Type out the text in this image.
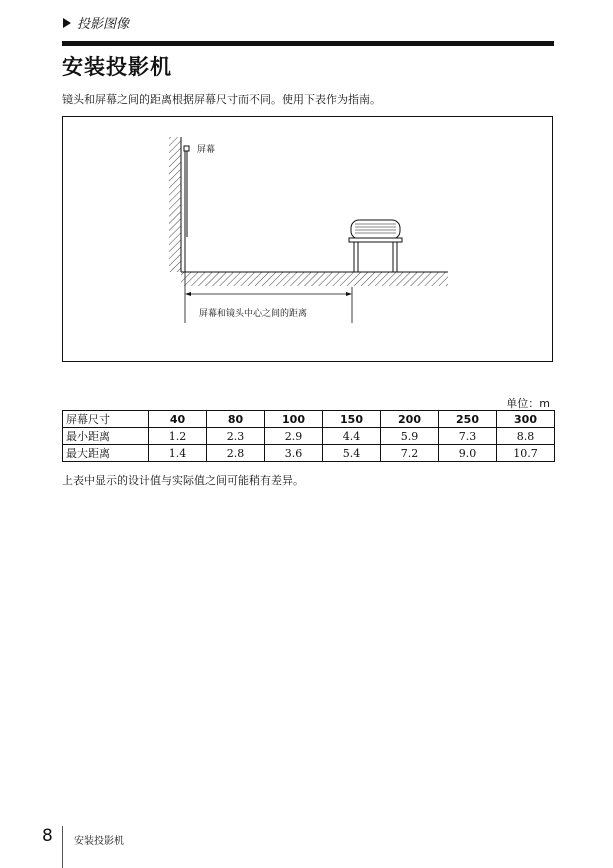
投影图像
安装投影机
镜头和屏幕之间的距离根据屏幕尺寸而不同。使用下表作为指南。
屏幕
屏幕和镜头中心之间的距离
单位：m
屏幕尺寸	40	80	100	150	200	250	300
最小距离	1.2	2.3	2.9	4.4	5.9	7.3	8.8
最大距离	1.4	2.8	3.6	5.4	7.2	9.0	10.7
上表中显示的设计值与实际值之间可能稍有差异。
8 安装投影机
